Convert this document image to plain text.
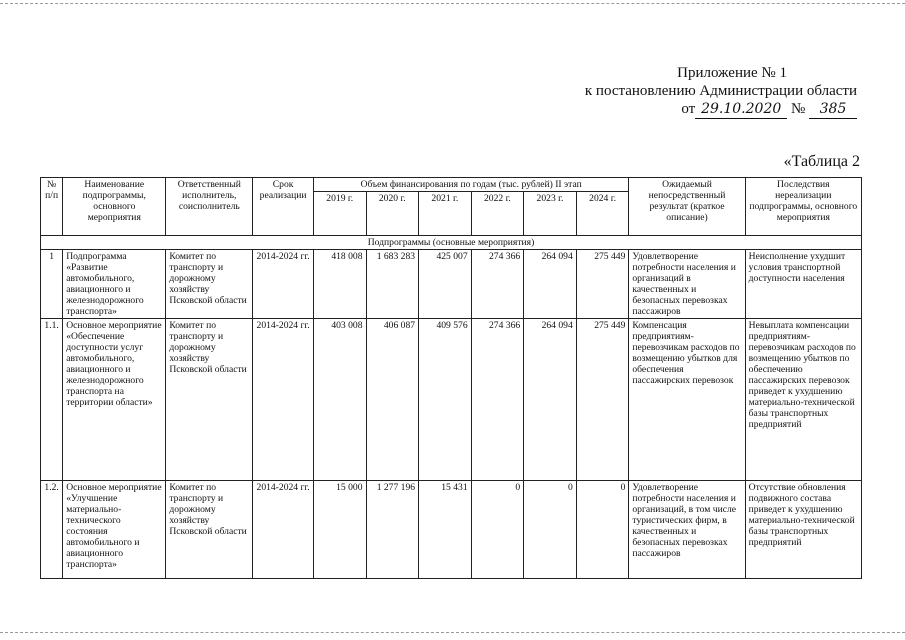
Приложение № 1
к постановлению Администрации области
от 29.10.2020 № 385
«Таблица 2
№ п/п	Наименование подпрограммы, основного мероприятия	Ответственный исполнитель, соисполнитель	Срок реализации	Объем финансирования по годам (тыс. рублей) II этап						Ожидаемый непосредственный результат (краткое описание)	Последствия нереализации подпрограммы, основного мероприятия
				2019 г.	2020 г.	2021 г.	2022 г.	2023 г.	2024 г.		
Подпрограммы (основные мероприятия)											
1	Подпрограмма «Развитие автомобильного, авиационного и железнодорожного транспорта»	Комитет по транспорту и дорожному хозяйству Псковской области	2014-2024 гг.	418 008	1 683 283	425 007	274 366	264 094	275 449	Удовлетворение потребности населения и организаций в качественных и безопасных перевозках пассажиров	Неисполнение ухудшит условия транспортной доступности населения
1.1.	Основное мероприятие «Обеспечение доступности услуг автомобильного, авиационного и железнодорожного транспорта на территории области»	Комитет по транспорту и дорожному хозяйству Псковской области	2014-2024 гг.	403 008	406 087	409 576	274 366	264 094	275 449	Компенсация предприятиям-перевозчикам расходов по возмещению убытков для обеспечения пассажирских перевозок	Невыплата компенсации предприятиям-перевозчикам расходов по возмещению убытков по обеспечению пассажирских перевозок приведет к ухудшению материально-технической базы транспортных предприятий
1.2.	Основное мероприятие «Улучшение материально-технического состояния автомобильного и авиационного транспорта»	Комитет по транспорту и дорожному хозяйству Псковской области	2014-2024 гг.	15 000	1 277 196	15 431	0	0	0	Удовлетворение потребности населения и организаций, в том числе туристических фирм, в качественных и безопасных перевозках пассажиров	Отсутствие обновления подвижного состава приведет к ухудшению материально-технической базы транспортных предприятий
